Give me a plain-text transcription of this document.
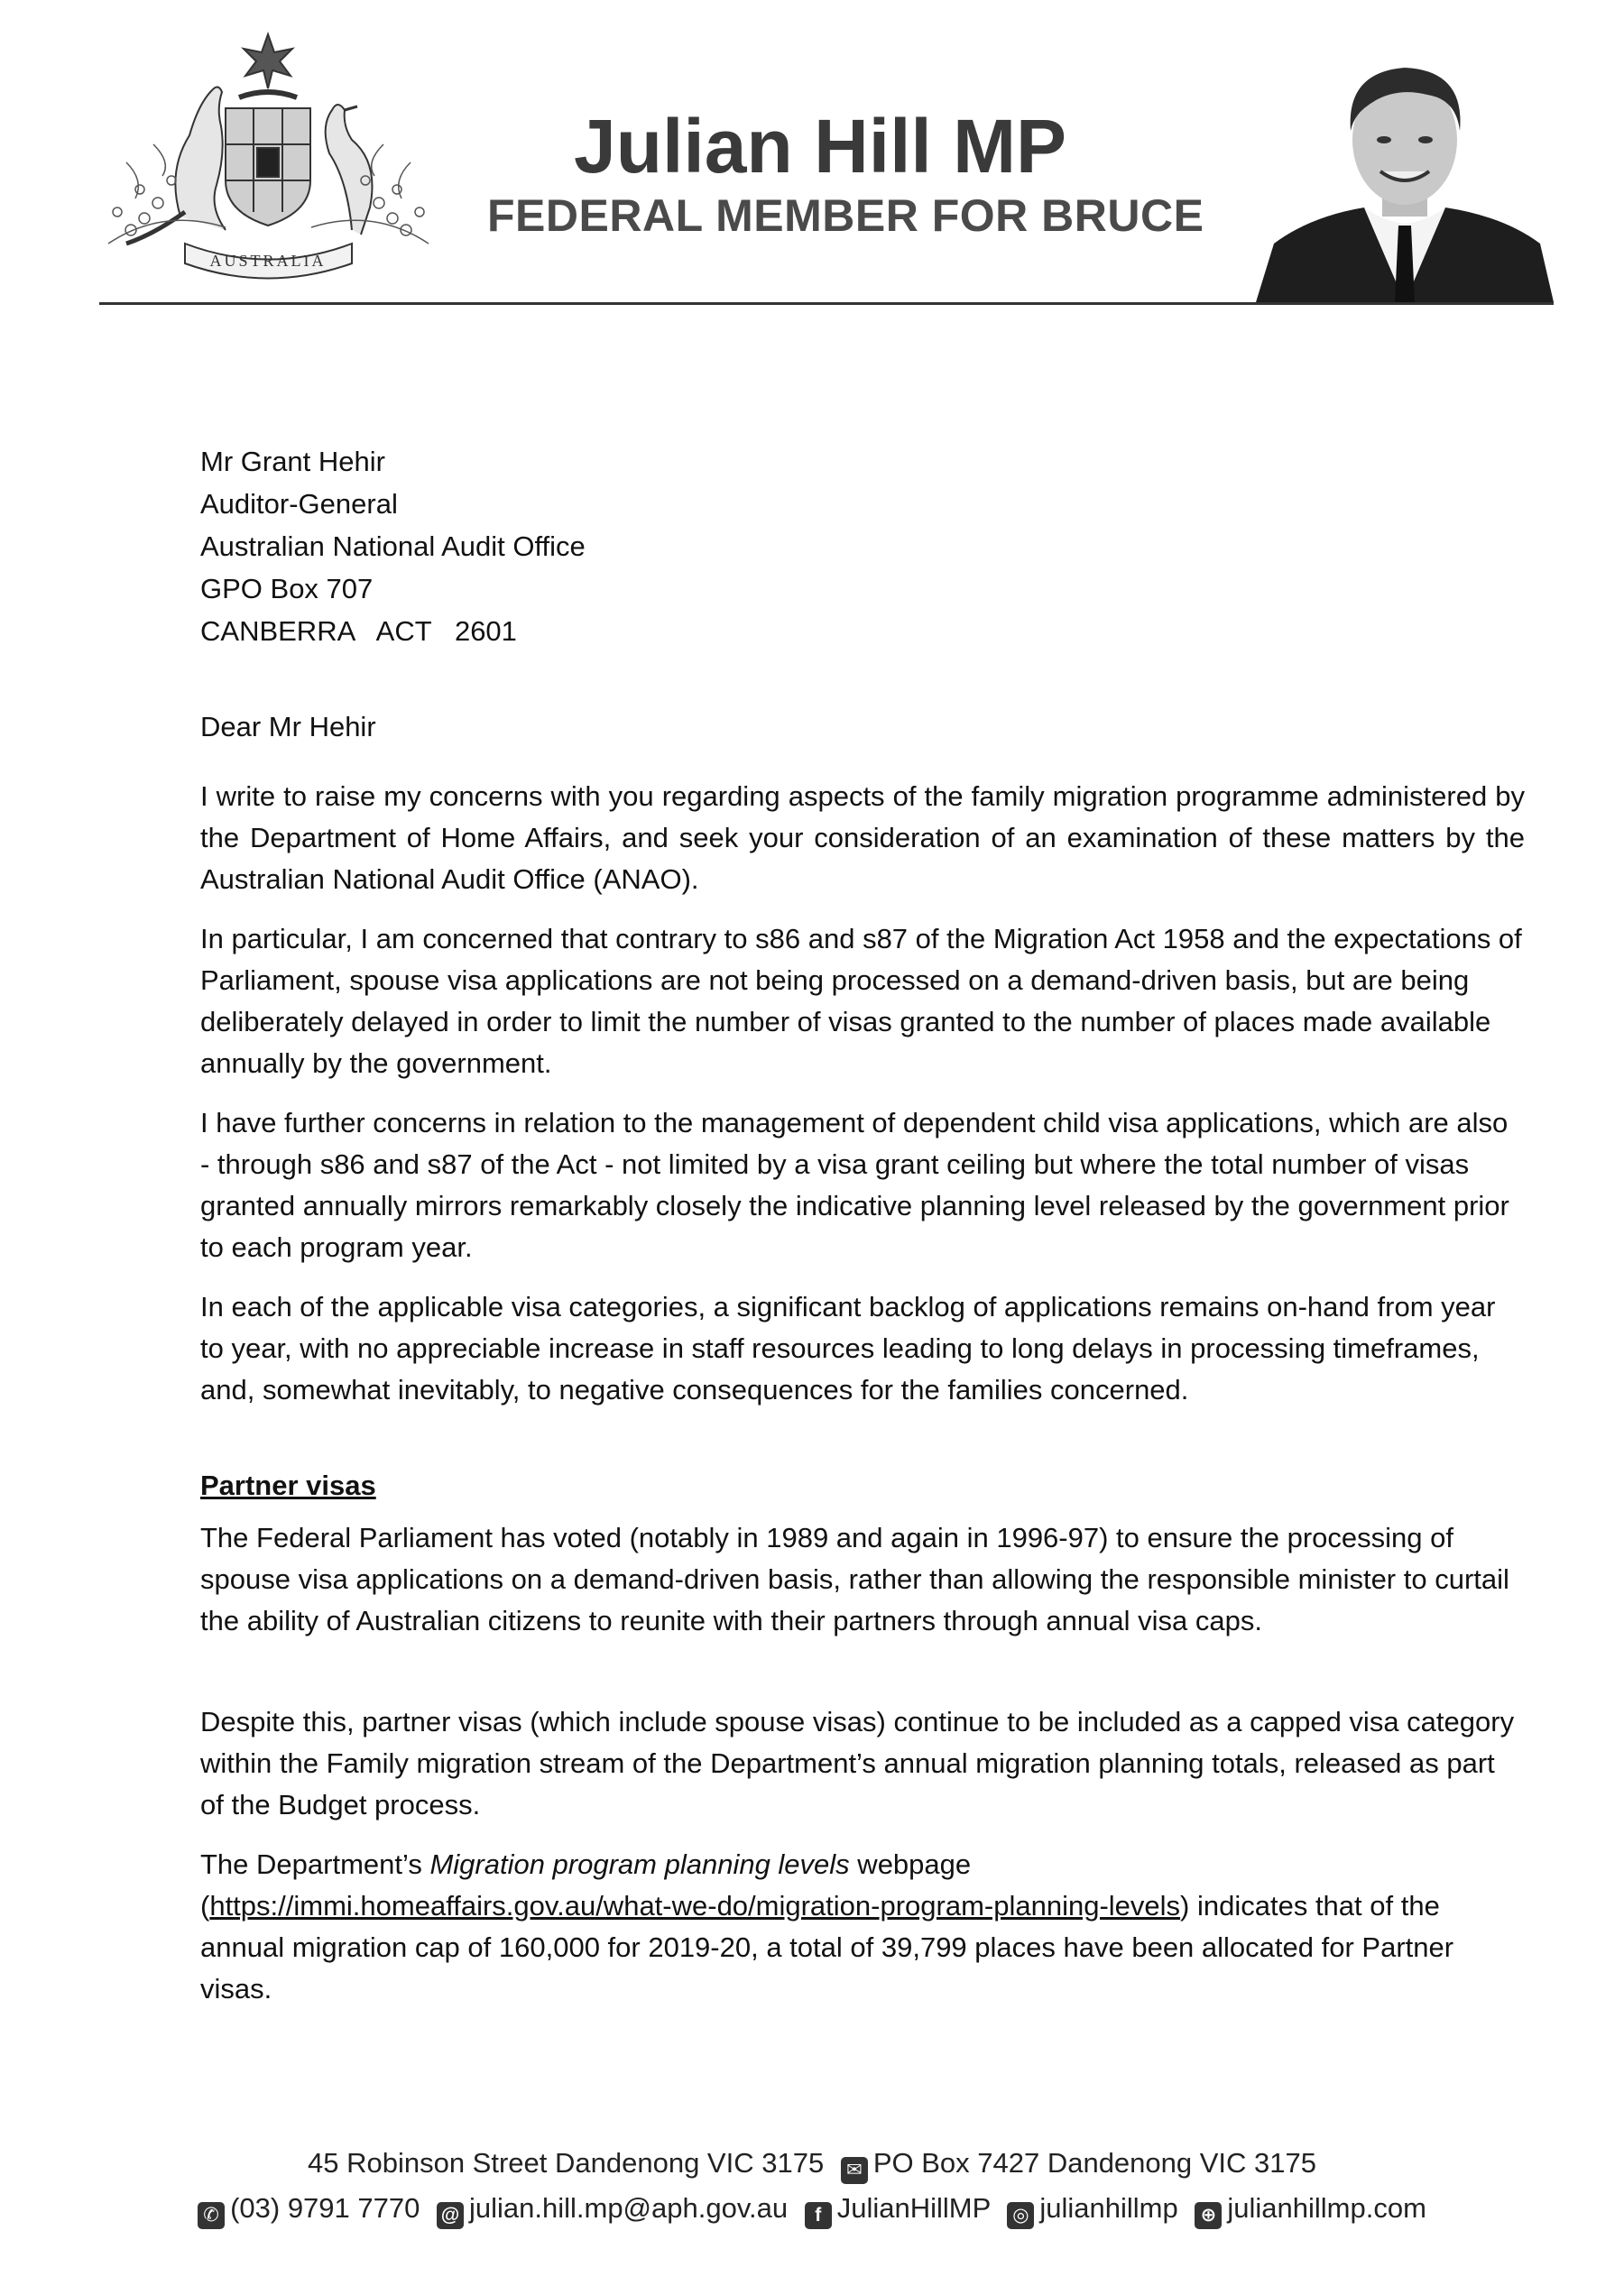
AUSTRALIA
Julian Hill MP
FEDERAL MEMBER FOR BRUCE
Mr Grant Hehir
Auditor-General
Australian National Audit Office
GPO Box 707
CANBERRA   ACT   2601
Dear Mr Hehir
I write to raise my concerns with you regarding aspects of the family migration programme administered by the Department of Home Affairs, and seek your consideration of an examination of these matters by the Australian National Audit Office (ANAO).
In particular, I am concerned that contrary to s86 and s87 of the Migration Act 1958 and the expectations of Parliament, spouse visa applications are not being processed on a demand-driven basis, but are being deliberately delayed in order to limit the number of visas granted to the number of places made available annually by the government.
I have further concerns in relation to the management of dependent child visa applications, which are also - through s86 and s87 of the Act - not limited by a visa grant ceiling but where the total number of visas granted annually mirrors remarkably closely the indicative planning level released by the government prior to each program year.
In each of the applicable visa categories, a significant backlog of applications remains on-hand from year to year, with no appreciable increase in staff resources leading to long delays in processing timeframes, and, somewhat inevitably, to negative consequences for the families concerned.
Partner visas
The Federal Parliament has voted (notably in 1989 and again in 1996-97) to ensure the processing of spouse visa applications on a demand-driven basis, rather than allowing the responsible minister to curtail the ability of Australian citizens to reunite with their partners through annual visa caps.
Despite this, partner visas (which include spouse visas) continue to be included as a capped visa category within the Family migration stream of the Department’s annual migration planning totals, released as part of the Budget process.
The Department’s Migration program planning levels webpage
(https://immi.homeaffairs.gov.au/what-we-do/migration-program-planning-levels) indicates that of the annual migration cap of 160,000 for 2019-20, a total of 39,799 places have been allocated for Partner visas.
45 Robinson Street Dandenong VIC 3175 ✉ PO Box 7427 Dandenong VIC 3175
✆ (03) 9791 7770 @ julian.hill.mp@aph.gov.au f JulianHillMP ◎ julianhillmp ⊕ julianhillmp.com
